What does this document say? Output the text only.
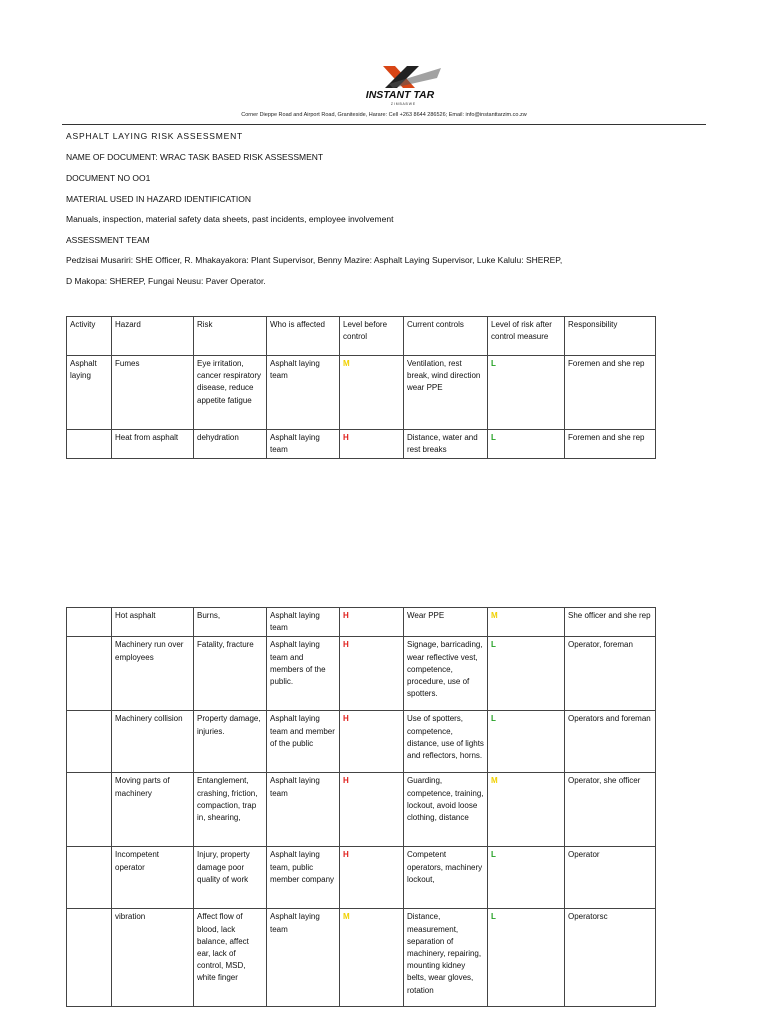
INSTANT TAR
Z I M B A B W E
Corner Dieppe Road and Airport Road, Graniteside, Harare: Cell +263 8644 286526; Email: info@instanttarzim.co.zw
ASPHALT LAYING RISK ASSESSMENT
NAME OF DOCUMENT: WRAC TASK BASED RISK ASSESSMENT
DOCUMENT NO OO1
MATERIAL USED IN HAZARD IDENTIFICATION
Manuals, inspection, material safety data sheets, past incidents, employee involvement
ASSESSMENT TEAM
Pedzisai Musariri: SHE Officer, R. Mhakayakora: Plant Supervisor, Benny Mazire: Asphalt Laying Supervisor, Luke Kalulu: SHEREP,
D Makopa: SHEREP, Fungai Neusu: Paver Operator.
Activity	Hazard	Risk	Who is affected	Level before control	Current controls	Level of risk after control measure	Responsibility
Asphalt laying	Fumes	Eye irritation, cancer respiratory disease, reduce appetite fatigue	Asphalt laying team	M	Ventilation, rest break, wind direction wear PPE	L	Foremen and she rep
	Heat from asphalt	dehydration	Asphalt laying team	H	Distance, water and rest breaks	L	Foremen and she rep
	Hot asphalt	Burns,	Asphalt laying team	H	Wear PPE	M	She officer and she rep
	Machinery run over employees	Fatality, fracture	Asphalt laying team and members of the public.	H	Signage, barricading, wear reflective vest, competence, procedure, use of spotters.	L	Operator, foreman
	Machinery collision	Property damage, injuries.	Asphalt laying team and member of the public	H	Use of spotters, competence, distance, use of lights and reflectors, horns.	L	Operators and foreman
	Moving parts of machinery	Entanglement, crashing, friction, compaction, trap in, shearing,	Asphalt laying team	H	Guarding, competence, training, lockout, avoid loose clothing, distance	M	Operator, she officer
	Incompetent operator	Injury, property damage poor quality of work	Asphalt laying team, public member company	H	Competent operators, machinery lockout,	L	Operator
	vibration	Affect flow of blood, lack balance, affect ear, lack of control, MSD, white finger	Asphalt laying team	M	Distance, measurement, separation of machinery, repairing, mounting kidney belts, wear gloves, rotation	L	Operatorsc
